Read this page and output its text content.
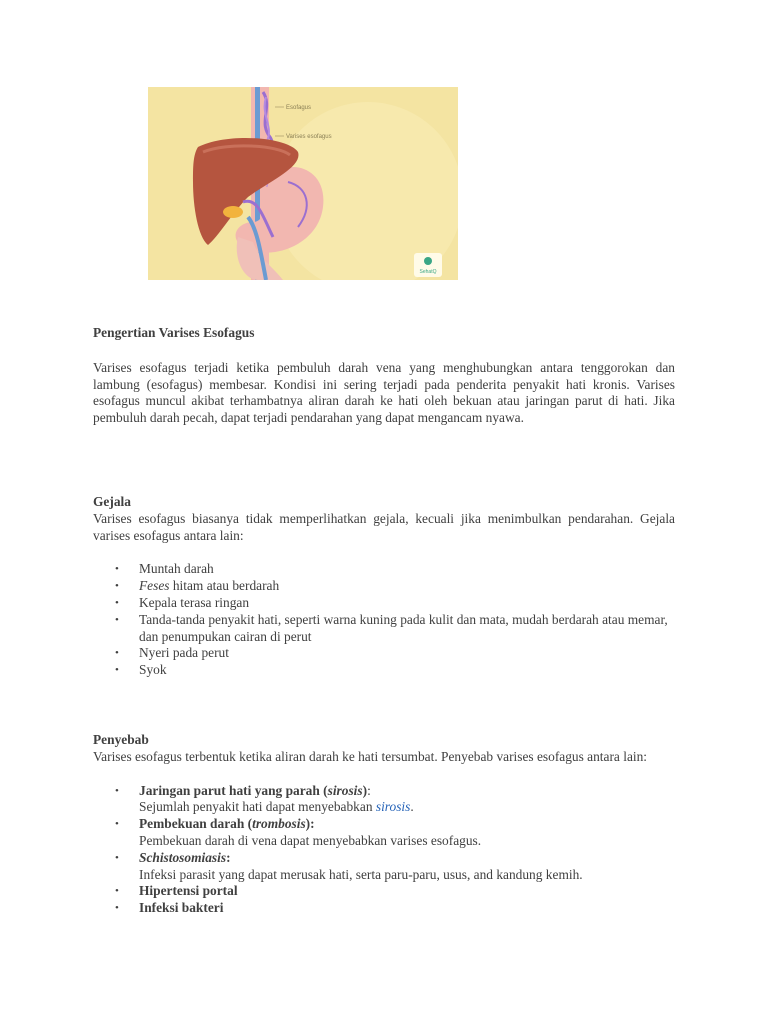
Esofagus
Varises esofagus
SehatQ
Pengertian Varises Esofagus
Varises esofagus terjadi ketika pembuluh darah vena yang menghubungkan antara tenggorokan dan lambung (esofagus) membesar. Kondisi ini sering terjadi pada penderita penyakit hati kronis. Varises esofagus muncul akibat terhambatnya aliran darah ke hati oleh bekuan atau jaringan parut di hati. Jika pembuluh darah pecah, dapat terjadi pendarahan yang dapat mengancam nyawa.
Gejala
Varises esofagus biasanya tidak memperlihatkan gejala, kecuali jika menimbulkan pendarahan. Gejala varises esofagus antara lain:
• Muntah darah
• Feses hitam atau berdarah
• Kepala terasa ringan
• Tanda-tanda penyakit hati, seperti warna kuning pada kulit dan mata, mudah berdarah atau memar, dan penumpukan cairan di perut
• Nyeri pada perut
• Syok
Penyebab
Varises esofagus terbentuk ketika aliran darah ke hati tersumbat. Penyebab varises esofagus antara lain:
• Jaringan parut hati yang parah (sirosis):
Sejumlah penyakit hati dapat menyebabkan sirosis.
• Pembekuan darah (trombosis):
Pembekuan darah di vena dapat menyebabkan varises esofagus.
• Schistosomiasis:
Infeksi parasit yang dapat merusak hati, serta paru-paru, usus, and kandung kemih.
• Hipertensi portal
• Infeksi bakteri
